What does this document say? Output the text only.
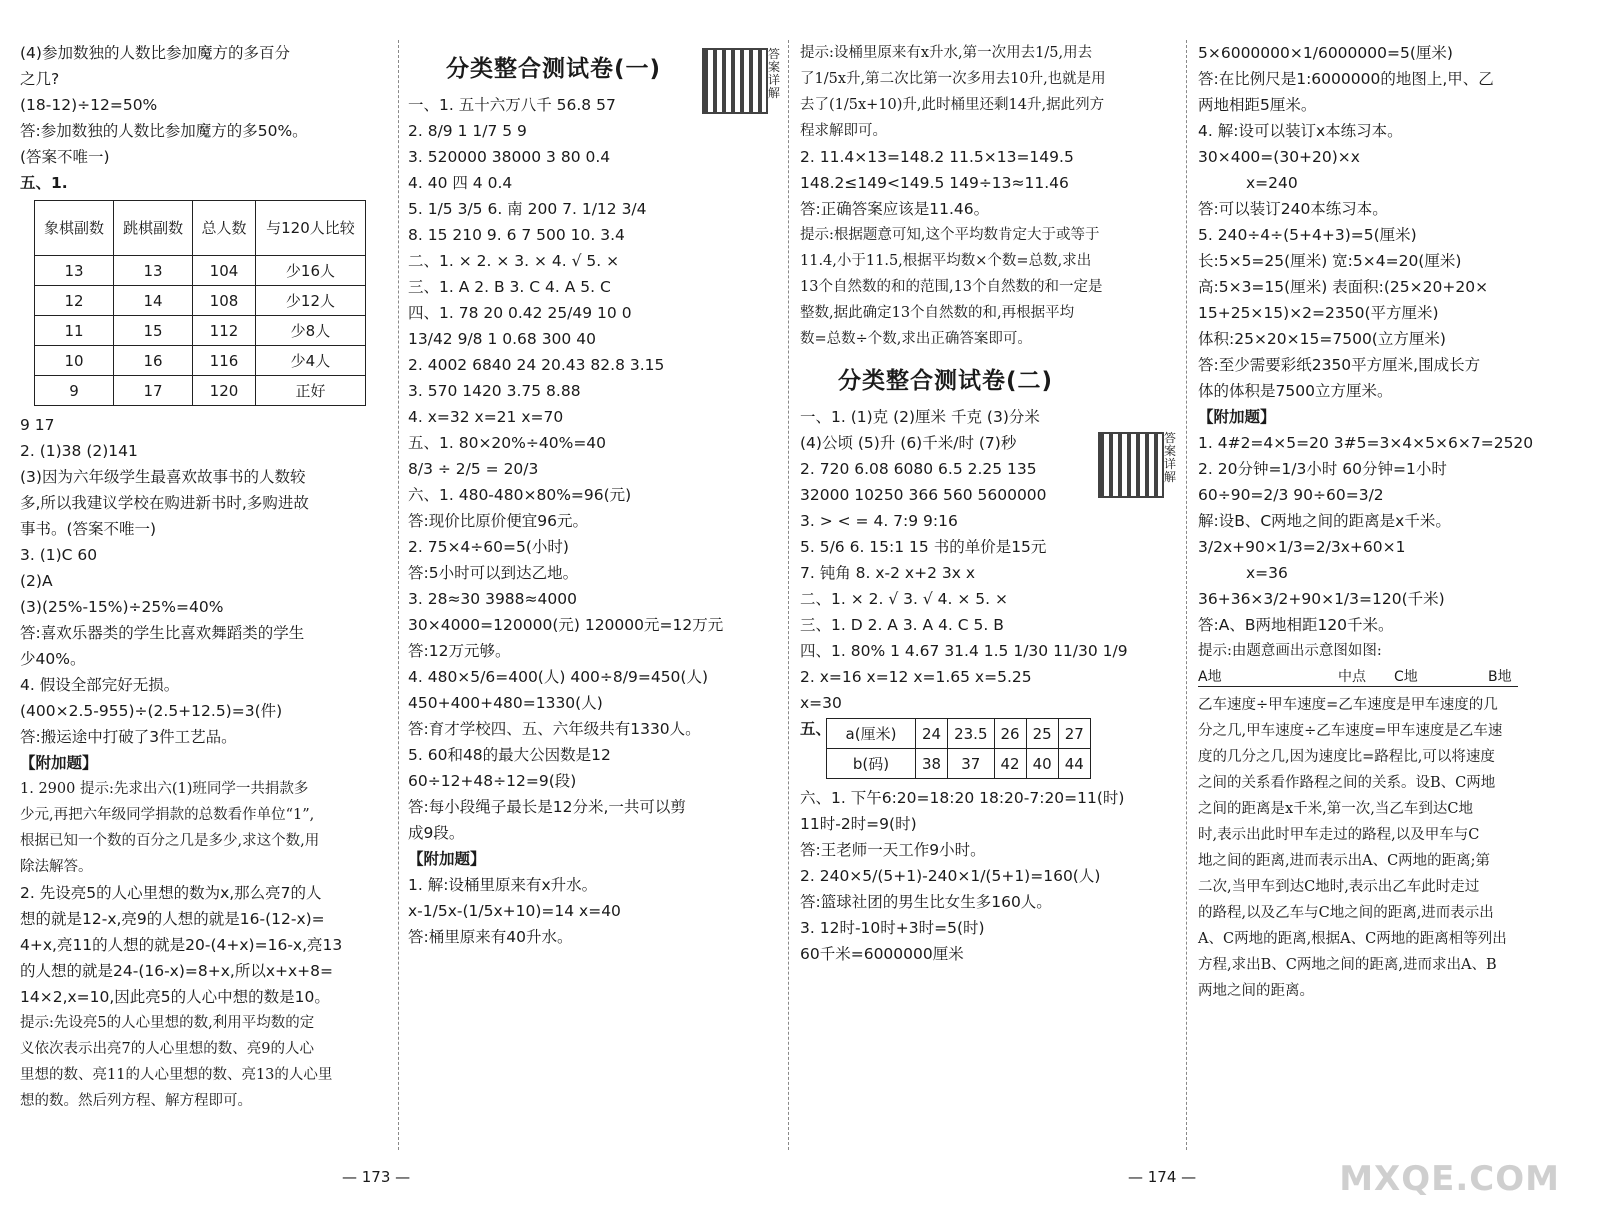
(4)参加数独的人数比参加魔方的多百分

之几?

(18-12)÷12=50%

答:参加数独的人数比参加魔方的多50%。

(答案不唯一)

五、1.

象棋副数	跳棋副数	总人数	与120人比较
13	13	104	少16人
12	14	108	少12人
11	15	112	少8人
10	16	116	少4人
9	17	120	正好

9 17

2. (1)38 (2)141

(3)因为六年级学生最喜欢故事书的人数较

多,所以我建议学校在购进新书时,多购进故

事书。(答案不唯一)

3. (1)C 60

(2)A

(3)(25%-15%)÷25%=40%

答:喜欢乐器类的学生比喜欢舞蹈类的学生

少40%。

4. 假设全部完好无损。

(400×2.5-955)÷(2.5+12.5)=3(件)

答:搬运途中打破了3件工艺品。

【附加题】

1. 2900 提示:先求出六(1)班同学一共捐款多

少元,再把六年级同学捐款的总数看作单位“1”,

根据已知一个数的百分之几是多少,求这个数,用

除法解答。

2. 先设亮5的人心里想的数为x,那么亮7的人

想的就是12-x,亮9的人想的就是16-(12-x)=

4+x,亮11的人想的就是20-(4+x)=16-x,亮13

的人想的就是24-(16-x)=8+x,所以x+x+8=

14×2,x=10,因此亮5的人心中想的数是10。

提示:先设亮5的人心里想的数,利用平均数的定

义依次表示出亮7的人心里想的数、亮9的人心

里想的数、亮11的人心里想的数、亮13的人心里

想的数。然后列方程、解方程即可。

分类整合测试卷(一)

一、1. 五十六万八千 56.8 57

2. 8/9 1 1/7 5 9

3. 520000 38000 3 80 0.4

4. 40 四 4 0.4

5. 1/5 3/5 6. 南 200 7. 1/12 3/4

8. 15 210 9. 6 7 500 10. 3.4

二、1. × 2. × 3. × 4. √ 5. ×

三、1. A 2. B 3. C 4. A 5. C

四、1. 78 20 0.42 25/49 10 0

13/42 9/8 1 0.68 300 40

2. 4002 6840 24 20.43 82.8 3.15

3. 570 1420 3.75 8.88

4. x=32 x=21 x=70

五、1. 80×20%÷40%=40

8/3 ÷ 2/5 = 20/3

六、1. 480-480×80%=96(元)

答:现价比原价便宜96元。

2. 75×4÷60=5(小时)

答:5小时可以到达乙地。

3. 28≈30 3988≈4000

30×4000=120000(元) 120000元=12万元

答:12万元够。

4. 480×5/6=400(人) 400÷8/9=450(人)

450+400+480=1330(人)

答:育才学校四、五、六年级共有1330人。

5. 60和48的最大公因数是12

60÷12+48÷12=9(段)

答:每小段绳子最长是12分米,一共可以剪

成9段。

【附加题】

1. 解:设桶里原来有x升水。

x-1/5x-(1/5x+10)=14 x=40

答:桶里原来有40升水。

答案详解

提示:设桶里原来有x升水,第一次用去1/5,用去

了1/5x升,第二次比第一次多用去10升,也就是用

去了(1/5x+10)升,此时桶里还剩14升,据此列方

程求解即可。

2. 11.4×13=148.2 11.5×13=149.5

148.2≤149<149.5 149÷13≈11.46

答:正确答案应该是11.46。

提示:根据题意可知,这个平均数肯定大于或等于

11.4,小于11.5,根据平均数×个数=总数,求出

13个自然数的和的范围,13个自然数的和一定是

整数,据此确定13个自然数的和,再根据平均

数=总数÷个数,求出正确答案即可。

分类整合测试卷(二)

一、1. (1)克 (2)厘米 千克 (3)分米

(4)公顷 (5)升 (6)千米/时 (7)秒

2. 720 6.08 6080 6.5 2.25 135

32000 10250 366 560 5600000

3. > < = 4. 7:9 9:16

5. 5/6 6. 15:1 15 书的单价是15元

7. 钝角 8. x-2 x+2 3x x

二、1. × 2. √ 3. √ 4. × 5. ×

三、1. D 2. A 3. A 4. C 5. B

四、1. 80% 1 4.67 31.4 1.5 1/30 11/30 1/9

2. x=16 x=12 x=1.65 x=5.25

x=30

五、 a(厘米)	24	23.5	26	25	27
b(码)	38	37	42	40	44

六、1. 下午6:20=18:20 18:20-7:20=11(时)

11时-2时=9(时)

答:王老师一天工作9小时。

2. 240×5/(5+1)-240×1/(5+1)=160(人)

答:篮球社团的男生比女生多160人。

3. 12时-10时+3时=5(时)

60千米=6000000厘米

答案详解

5×6000000×1/6000000=5(厘米)

答:在比例尺是1:6000000的地图上,甲、乙

两地相距5厘米。

4. 解:设可以装订x本练习本。

30×400=(30+20)×x

x=240

答:可以装订240本练习本。

5. 240÷4÷(5+4+3)=5(厘米)

长:5×5=25(厘米) 宽:5×4=20(厘米)

高:5×3=15(厘米) 表面积:(25×20+20×

15+25×15)×2=2350(平方厘米)

体积:25×20×15=7500(立方厘米)

答:至少需要彩纸2350平方厘米,围成长方

体的体积是7500立方厘米。

【附加题】

1. 4#2=4×5=20 3#5=3×4×5×6×7=2520

2. 20分钟=1/3小时 60分钟=1小时

60÷90=2/3 90÷60=3/2

解:设B、C两地之间的距离是x千米。

3/2x+90×1/3=2/3x+60×1

x=36

36+36×3/2+90×1/3=120(千米)

答:A、B两地相距120千米。

提示:由题意画出示意图如图:

A地	中点 C地	B地

乙车速度÷甲车速度=乙车速度是甲车速度的几

分之几,甲车速度÷乙车速度=甲车速度是乙车速

度的几分之几,因为速度比=路程比,可以将速度

之间的关系看作路程之间的关系。设B、C两地

之间的距离是x千米,第一次,当乙车到达C地

时,表示出此时甲车走过的路程,以及甲车与C

地之间的距离,进而表示出A、C两地的距离;第

二次,当甲车到达C地时,表示出乙车此时走过

的路程,以及乙车与C地之间的距离,进而表示出

A、C两地的距离,根据A、C两地的距离相等列出

方程,求出B、C两地之间的距离,进而求出A、B

两地之间的距离。

— 173 —	— 174 —	MXQE.COM
